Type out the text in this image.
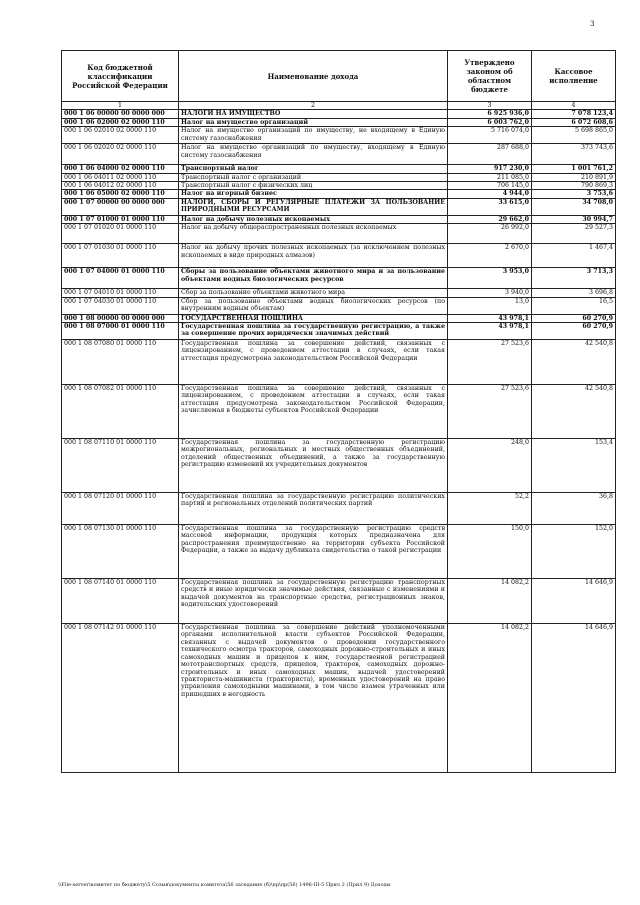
3
Код бюджетной классификации Российской Федерации	Наименование дохода	Утверждено законом об областном бюджете	Кассовое исполнение
1	2	3	4
000 1 06 00000 00 0000 000	НАЛОГИ НА ИМУЩЕСТВО	6 925 936,0	7 078 123,4
000 1 06 02000 02 0000 110	Налог на имущество организаций	6 003 762,0	6 072 608,6
000 1 06 02010 02 0000 110	Налог на имущество организаций по имуществу, не входящему в Единую систему газоснабжения	5 716 074,0	5 698 865,0
000 1 06 02020 02 0000 110	Налог на имущество организаций по имуществу, входящему в Единую систему газоснабжения	287 688,0	373 743,6
000 1 06 04000 02 0000 110	Транспортный налог	917 230,0	1 001 761,2
000 1 06 04011 02 0000 110	Транспортный налог с организаций	211 085,0	210 891,9
000 1 06 04012 02 0000 110	Транспортный налог с физических лиц	706 145,0	790 869,3
000 1 06 05000 02 0000 110	Налог на игорный бизнес	4 944,0	3 753,6
000 1 07 00000 00 0000 000	НАЛОГИ, СБОРЫ И РЕГУЛЯРНЫЕ ПЛАТЕЖИ ЗА ПОЛЬЗОВАНИЕ ПРИРОДНЫМИ РЕСУРСАМИ	33 615,0	34 708,0
000 1 07 01000 01 0000 110	Налог на добычу полезных ископаемых	29 662,0	30 994,7
000 1 07 01020 01 0000 110	Налог на добычу общераспространенных полезных ископаемых	26 992,0	29 527,3
000 1 07 01030 01 0000 110	Налог на добычу прочих полезных ископаемых (за исключением полезных ископаемых в виде природных алмазов)	2 670,0	1 467,4
000 1 07 04000 01 0000 110	Сборы за пользование объектами животного мира и за пользование объектами водных биологических ресурсов	3 953,0	3 713,3
000 1 07 04010 01 0000 110	Сбор за пользование объектами животного мира	3 940,0	3 696,8
000 1 07 04030 01 0000 110	Сбор за пользование объектами водных биологических ресурсов (по внутренним водным объектам)	13,0	16,5
000 1 08 00000 00 0000 000	ГОСУДАРСТВЕННАЯ ПОШЛИНА	43 978,1	60 270,9
000 1 08 07000 01 0000 110	Государственная пошлина за государственную регистрацию, а также за совершение прочих юридически значимых действий	43 978,1	60 270,9
000 1 08 07080 01 0000 110	Государственная пошлина за совершение действий, связанных с лицензированием, с проведением аттестации в случаях, если такая аттестация предусмотрена законодательством Российской Федерации	27 523,6	42 540,8
000 1 08 07082 01 0000 110	Государственная пошлина за совершение действий, связанных с лицензированием, с проведением аттестации в случаях, если такая аттестация предусмотрена законодательством Российской Федерации, зачисляемая в бюджеты субъектов Российской Федерации	27 523,6	42 540,8
000 1 08 07110 01 0000 110	Государственная пошлина за государственную регистрацию межрегиональных, региональных и местных общественных объединений, отделений общественных объединений, а также за государственную регистрацию изменений их учредительных документов	248,0	153,4
000 1 08 07120 01 0000 110	Государственная пошлина за государственную регистрацию политических партий и региональных отделений политических партий	52,2	36,8
000 1 08 07130 01 0000 110	Государственная пошлина за государственную регистрацию средств массовой информации, продукция которых предназначена для распространения преимущественно на территории субъекта Российской Федерации, а также за выдачу дубликата свидетельства о такой регистрации	150,0	152,0
000 1 08 07140 01 0000 110	Государственная пошлина за государственную регистрацию транспортных средств и иные юридически значимые действия, связанные с изменениями и выдачей документов на транспортные средства, регистрационных знаков, водительских удостоверений	14 082,2	14 646,9
000 1 08 07142 01 0000 110	Государственная пошлина за совершение действий уполномоченными органами исполнительной власти субъектов Российской Федерации, связанных с выдачей документов о проведении государственного технического осмотра тракторов, самоходных дорожно-строительных и иных самоходных машин и прицепов к ним, государственной регистрацией мототранспортных средств, прицепов, тракторов, самоходных дорожно-строительных и иных самоходных машин, выдачей удостоверений тракториста-машиниста (тракториста), временных удостоверений на право управления самоходными машинами, в том числе взамен утраченных или пришедших в негодность	14 082,2	14 646,9
\\File-server\комитет по бюджету\5 Созыв\документы комитета\56 заседание (б)\пр\пр(56) 1496-III-5 Прил 2 (Прил 9) Доходы
